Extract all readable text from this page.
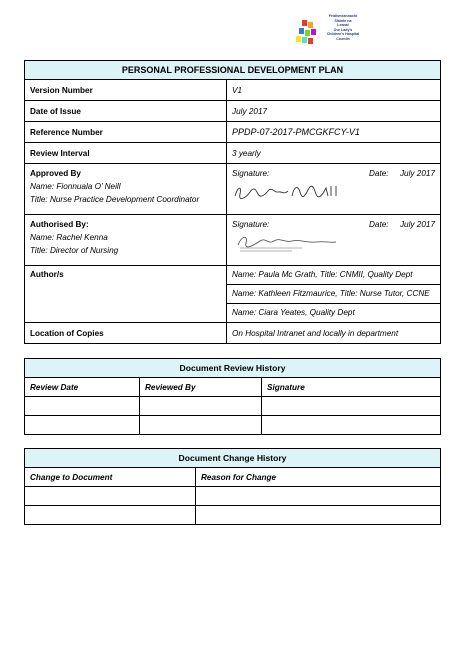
Feidhmeannacht
Sláinte na
Leanaí
Our Lady's
Children's Hospital
Crumlin
PERSONAL PROFESSIONAL DEVELOPMENT PLAN	
Version Number	V1
Date of Issue	July 2017
Reference Number	PPDP-07-2017-PMCGKFCY-V1
Review Interval	3 yearly

Approved By
Name: Fionnuala O’ Neill
Title: Nurse Practice Development Coordinator	Signature: Date: July 2017

Authorised By:
Name: Rachel Kenna
Title: Director of Nursing	Signature: Date: July 2017

Author/s	Name: Paula Mc Grath, Title: CNMII, Quality Dept
Name: Kathleen Fitzmaurice, Title: Nurse Tutor, CCNE
Name: Ciara Yeates, Quality Dept

Location of Copies	On Hospital Intranet and locally in department
Document Review History		
Review Date	Reviewed By	Signature

Document Change History	
Change to Document	Reason for Change
